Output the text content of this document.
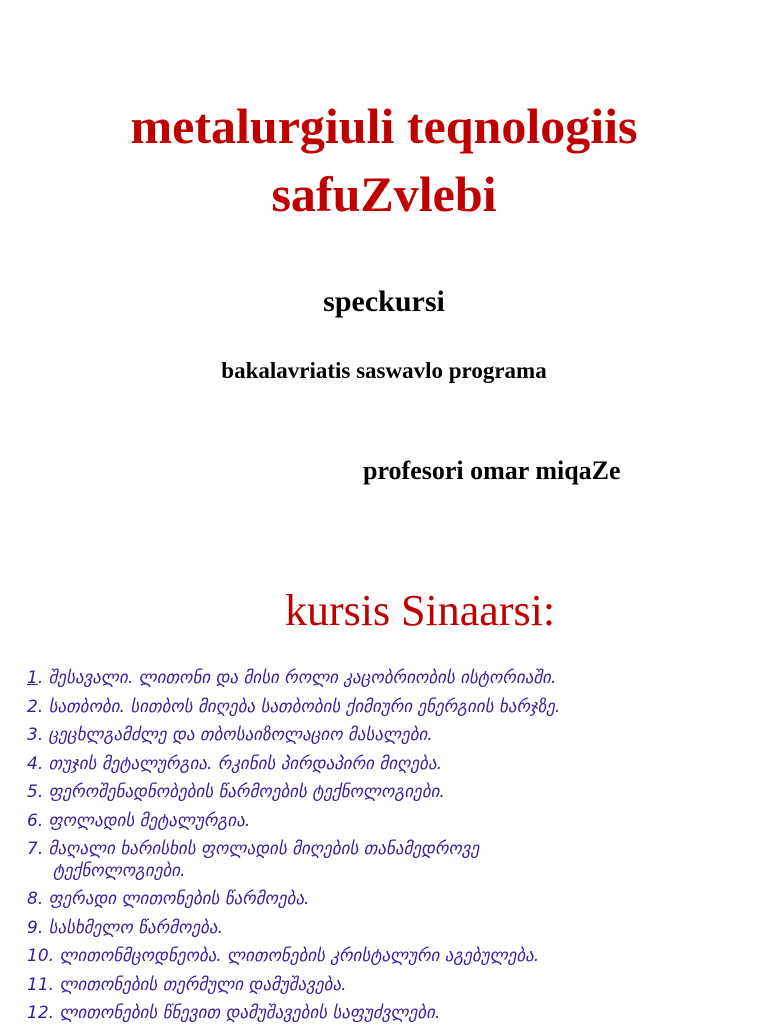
metalurgiuli teqnologiis
safuZvlebi
speckursi
bakalavriatis saswavlo programa
profesori omar miqaZe
kursis Sinaarsi:
1. შესავალი. ლითონი და მისი როლი კაცობრიობის ისტორიაში.
2. სათბობი. სითბოს მიღება სათბობის ქიმიური ენერგიის ხარჯზე.
3. ცეცხლგამძლე და თბოსაიზოლაციო მასალები.
4. თუჯის მეტალურგია. რკინის პირდაპირი მიღება.
5. ფეროშენადნობების წარმოების ტექნოლოგიები.
6. ფოლადის მეტალურგია.
7. მაღალი ხარისხის ფოლადის მიღების თანამედროვე
ტექნოლოგიები.
8. ფერადი ლითონების წარმოება.
9. სასხმელო წარმოება.
10. ლითონმცოდნეობა. ლითონების კრისტალური აგებულება.
11. ლითონების თერმული დამუშავება.
12. ლითონების წნევით დამუშავების საფუძვლები.
